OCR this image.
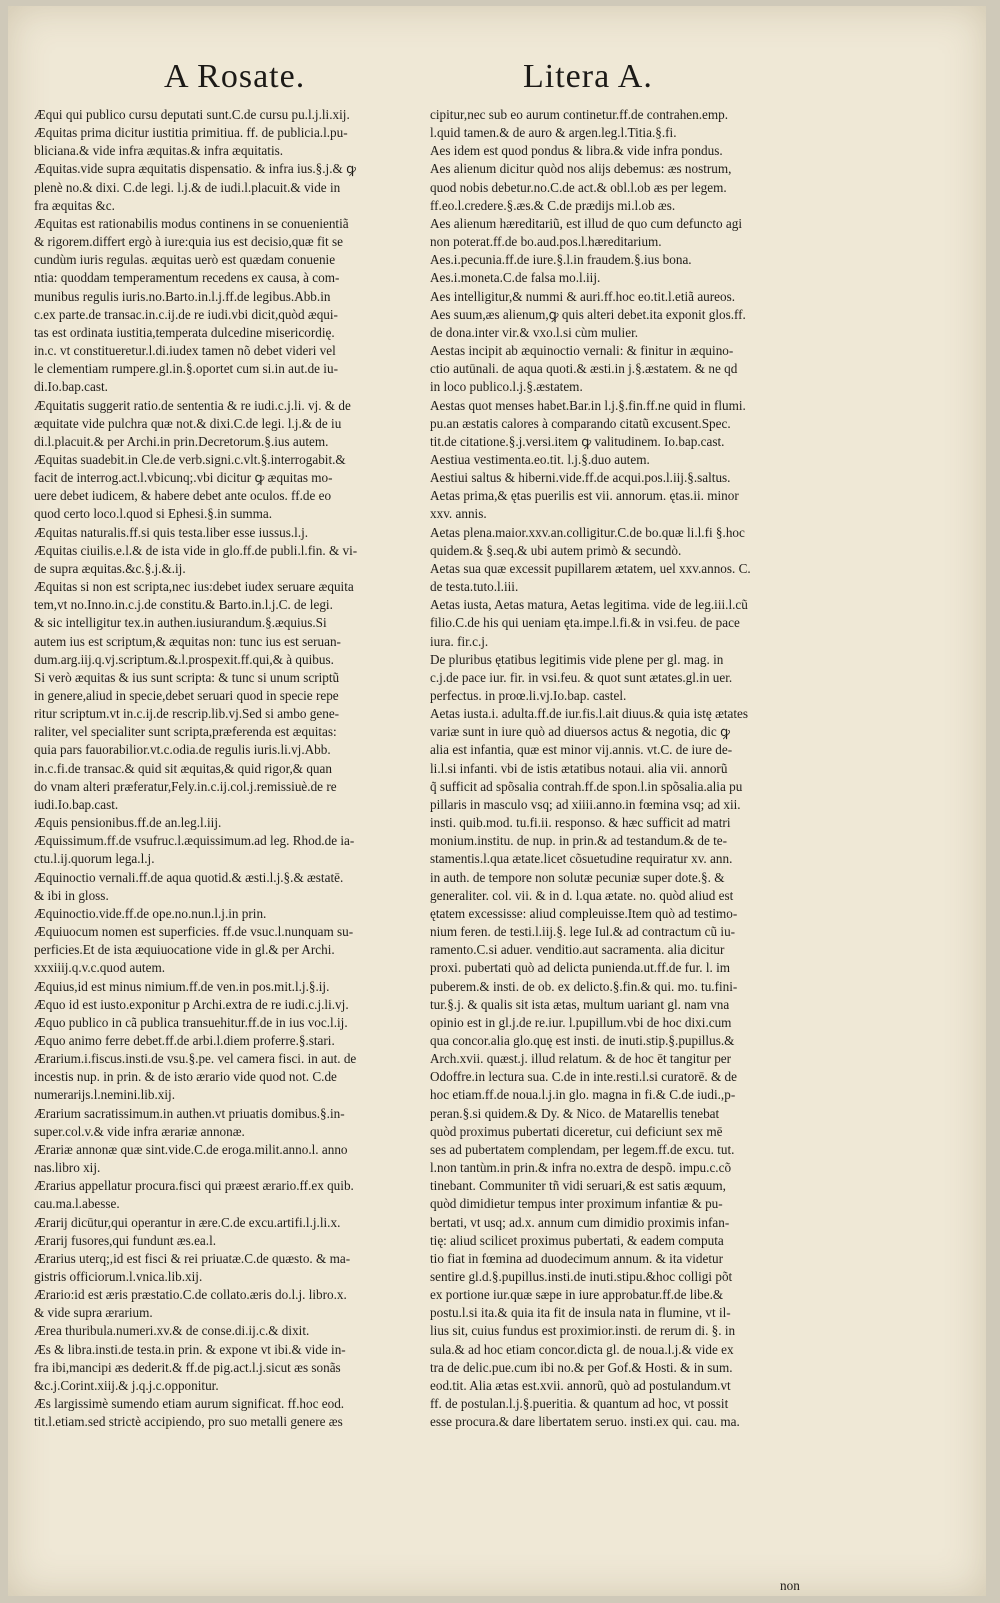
A Rosate.	Litera A.
Æqui qui publico cursu deputati sunt.C.de cursu pu.l.j.li.xij.
Æquitas prima dicitur iustitia primitiua. ff. de publicia.l.pu-
bliciana.& vide infra æquitas.& infra æquitatis.
Æquitas.vide supra æquitatis dispensatio. & infra ius.§.j.& ꝙ
plenè no.& dixi. C.de legi. l.j.& de iudi.l.placuit.& vide in
fra æquitas &c.
Æquitas est rationabilis modus continens in se conuenientiã
& rigorem.differt ergò à iure:quia ius est decisio,quæ fit se
cundùm iuris regulas. æquitas uerò est quædam conuenie
ntia: quoddam temperamentum recedens ex causa, à com-
munibus regulis iuris.no.Barto.in.l.j.ff.de legibus.Abb.in
c.ex parte.de transac.in.c.ij.de re iudi.vbi dicit,quòd æqui-
tas est ordinata iustitia,temperata dulcedine misericordię.
in.c. vt constitueretur.l.di.iudex tamen nõ debet videri vel
le clementiam rumpere.gl.in.§.oportet cum si.in aut.de iu-
di.Io.bap.cast.
Æquitatis suggerit ratio.de sententia & re iudi.c.j.li. vj. & de
æquitate vide pulchra quæ not.& dixi.C.de legi. l.j.& de iu
di.l.placuit.& per Archi.in prin.Decretorum.§.ius autem.
Æquitas suadebit.in Cle.de verb.signi.c.vlt.§.interrogabit.&
facit de interrog.act.l.vbicunq;.vbi dicitur ꝙ æquitas mo-
uere debet iudicem, & habere debet ante oculos. ff.de eo
quod certo loco.l.quod si Ephesi.§.in summa.
Æquitas naturalis.ff.si quis testa.liber esse iussus.l.j.
Æquitas ciuilis.e.l.& de ista vide in glo.ff.de publi.l.fin. & vi-
de supra æquitas.&c.§.j.&.ij.
Æquitas si non est scripta,nec ius:debet iudex seruare æquita
tem,vt no.Inno.in.c.j.de constitu.& Barto.in.l.j.C. de legi.
& sic intelligitur tex.in authen.iusiurandum.§.æquius.Si
autem ius est scriptum,& æquitas non: tunc ius est seruan-
dum.arg.iij.q.vj.scriptum.&.l.prospexit.ff.qui,& à quibus.
Si verò æquitas & ius sunt scripta: & tunc si unum scriptũ
in genere,aliud in specie,debet seruari quod in specie repe
ritur scriptum.vt in.c.ij.de rescrip.lib.vj.Sed si ambo gene-
raliter, vel specialiter sunt scripta,præferenda est æquitas:
quia pars fauorabilior.vt.c.odia.de regulis iuris.li.vj.Abb.
in.c.fi.de transac.& quid sit æquitas,& quid rigor,& quan
do vnam alteri præferatur,Fely.in.c.ij.col.j.remissiuè.de re
iudi.Io.bap.cast.
Æquis pensionibus.ff.de an.leg.l.iij.
Æquissimum.ff.de vsufruc.l.æquissimum.ad leg. Rhod.de ia-
ctu.l.ij.quorum lega.l.j.
Æquinoctio vernali.ff.de aqua quotid.& æsti.l.j.§.& æstatē.
& ibi in gloss.
Æquinoctio.vide.ff.de ope.no.nun.l.j.in prin.
Æquiuocum nomen est superficies. ff.de vsuc.l.nunquam su-
perficies.Et de ista æquiuocatione vide in gl.& per Archi.
xxxiiij.q.v.c.quod autem.
Æquius,id est minus nimium.ff.de ven.in pos.mit.l.j.§.ij.
Æquo id est iusto.exponitur p Archi.extra de re iudi.c.j.li.vj.
Æquo publico in cã publica transuehitur.ff.de in ius voc.l.ij.
Æquo animo ferre debet.ff.de arbi.l.diem proferre.§.stari.
Ærarium.i.fiscus.insti.de vsu.§.pe. vel camera fisci. in aut. de
incestis nup. in prin. & de isto ærario vide quod not. C.de
numerarijs.l.nemini.lib.xij.
Ærarium sacratissimum.in authen.vt priuatis domibus.§.in-
super.col.v.& vide infra ærariæ annonæ.
Ærariæ annonæ quæ sint.vide.C.de eroga.milit.anno.l. anno
nas.libro xij.
Ærarius appellatur procura.fisci qui præest ærario.ff.ex quib.
cau.ma.l.abesse.
Ærarij dicūtur,qui operantur in ære.C.de excu.artifi.l.j.li.x.
Ærarij fusores,qui fundunt æs.ea.l.
Ærarius uterq;,id est fisci & rei priuatæ.C.de quæsto. & ma-
gistris officiorum.l.vnica.lib.xij.
Ærario:id est æris præstatio.C.de collato.æris do.l.j. libro.x.
& vide supra ærarium.
Ærea thuribula.numeri.xv.& de conse.di.ij.c.& dixit.
Æs & libra.insti.de testa.in prin. & expone vt ibi.& vide in-
fra ibi,mancipi æs dederit.& ff.de pig.act.l.j.sicut æs sonãs
&c.j.Corint.xiij.& j.q.j.c.opponitur.
Æs largissimè sumendo etiam aurum significat. ff.hoc eod.
tit.l.etiam.sed strictè accipiendo, pro suo metalli genere æs
cipitur,nec sub eo aurum continetur.ff.de contrahen.emp.
l.quid tamen.& de auro & argen.leg.l.Titia.§.fi.
Aes idem est quod pondus & libra.& vide infra pondus.
Aes alienum dicitur quòd nos alijs debemus: æs nostrum,
quod nobis debetur.no.C.de act.& obl.l.ob æs per legem.
ff.eo.l.credere.§.æs.& C.de prædijs mi.l.ob æs.
Aes alienum hæreditariũ, est illud de quo cum defuncto agi
non poterat.ff.de bo.aud.pos.l.hæreditarium.
Aes.i.pecunia.ff.de iure.§.l.in fraudem.§.ius bona.
Aes.i.moneta.C.de falsa mo.l.iij.
Aes intelligitur,& nummi & auri.ff.hoc eo.tit.l.etiã aureos.
Aes suum,æs alienum,ꝙ quis alteri debet.ita exponit glos.ff.
de dona.inter vir.& vxo.l.si cùm mulier.
Aestas incipit ab æquinoctio vernali: & finitur in æquino-
ctio autūnali. de aqua quoti.& æsti.in j.§.æstatem. & ne qd
in loco publico.l.j.§.æstatem.
Aestas quot menses habet.Bar.in l.j.§.fin.ff.ne quid in flumi.
pu.an æstatis calores à comparando citatũ excusent.Spec.
tit.de citatione.§.j.versi.item ꝙ valitudinem. Io.bap.cast.
Aestiua vestimenta.eo.tit. l.j.§.duo autem.
Aestiui saltus & hiberni.vide.ff.de acqui.pos.l.iij.§.saltus.
Aetas prima,& ętas puerilis est vii. annorum. ętas.ii. minor
xxv. annis.
Aetas plena.maior.xxv.an.colligitur.C.de bo.quæ li.l.fi §.hoc
quidem.& §.seq.& ubi autem primò & secundò.
Aetas sua quæ excessit pupillarem ætatem, uel xxv.annos. C.
de testa.tuto.l.iii.
Aetas iusta, Aetas matura, Aetas legitima. vide de leg.iii.l.cũ
filio.C.de his qui ueniam ętа.impe.l.fi.& in vsi.feu. de pace
iura. fir.c.j.
De pluribus ętatibus legitimis vide plene per gl. mag. in
c.j.de pace iur. fir. in vsi.feu. & quot sunt ætates.gl.in uer.
perfectus. in proœ.li.vj.Io.bap. castel.
Aetas iusta.i. adulta.ff.de iur.fis.l.ait diuus.& quia istę ætates
variæ sunt in iure quò ad diuersos actus & negotia, dic ꝙ
alia est infantia, quæ est minor vij.annis. vt.C. de iure de-
li.l.si infanti. vbi de istis ætatibus notaui. alia vii. annorũ
q̃ sufficit ad spõsalia contrah.ff.de spon.l.in spõsalia.alia pu
pillaris in masculo vsq; ad xiiii.anno.in fœmina vsq; ad xii.
insti. quib.mod. tu.fi.ii. responso. & hæc sufficit ad matri
monium.institu. de nup. in prin.& ad testandum.& de te-
stamentis.l.qua ætate.licet cõsuetudine requiratur xv. ann.
in auth. de tempore non solutæ pecuniæ super dote.§. &
generaliter. col. vii. & in d. l.qua ætate. no. quòd aliud est
ętatem excessisse: aliud compleuisse.Item quò ad testimo-
nium feren. de testi.l.iij.§. lege Iul.& ad contractum cũ iu-
ramento.C.si aduer. venditio.aut sacramenta. alia dicitur
proxi. pubertati quò ad delicta punienda.ut.ff.de fur. l. im
puberem.& insti. de ob. ex delicto.§.fin.& qui. mo. tu.fini-
tur.§.j. & qualis sit ista ætas, multum uariant gl. nam vna
opinio est in gl.j.de re.iur. l.pupillum.vbi de hoc dixi.cum
qua concor.alia glo.quę est insti. de inuti.stip.§.pupillus.&
Arch.xvii. quæst.j. illud relatum. & de hoc ēt tangitur per
Odoffre.in lectura sua. C.de in inte.resti.l.si curatorē. & de
hoc etiam.ff.de noua.l.j.in glo. magna in fi.& C.de iudi.,p-
peran.§.si quidem.& Dy. & Nico. de Matarellis tenebat
quòd proximus pubertati diceretur, cui deficiunt sex mē
ses ad pubertatem complendam, per legem.ff.de excu. tut.
l.non tantùm.in prin.& infra no.extra de despõ. impu.c.cõ
tinebant. Communiter tñ vidi seruari,& est satis æquum,
quòd dimidietur tempus inter proximum infantiæ & pu-
bertati, vt usq; ad.x. annum cum dimidio proximis infan-
tię: aliud scilicet proximus pubertati, & eadem computa
tio fiat in fœmina ad duodecimum annum. & ita videtur
sentire gl.d.§.pupillus.insti.de inuti.stipu.&hoc colligi põt
ex portione iur.quæ sæpe in iure approbatur.ff.de libe.&
postu.l.si ita.& quia ita fit de insula nata in flumine, vt il-
lius sit, cuius fundus est proximior.insti. de rerum di. §. in
sula.& ad hoc etiam concor.dicta gl. de noua.l.j.& vide ex
tra de delic.pue.cum ibi no.& per Gof.& Hosti. & in sum.
eod.tit. Alia ætas est.xvii. annorũ, quò ad postulandum.vt
ff. de postulan.l.j.§.pueritia. & quantum ad hoc, vt possit
esse procura.& dare libertatem seruo. insti.ex qui. cau. ma.
non
